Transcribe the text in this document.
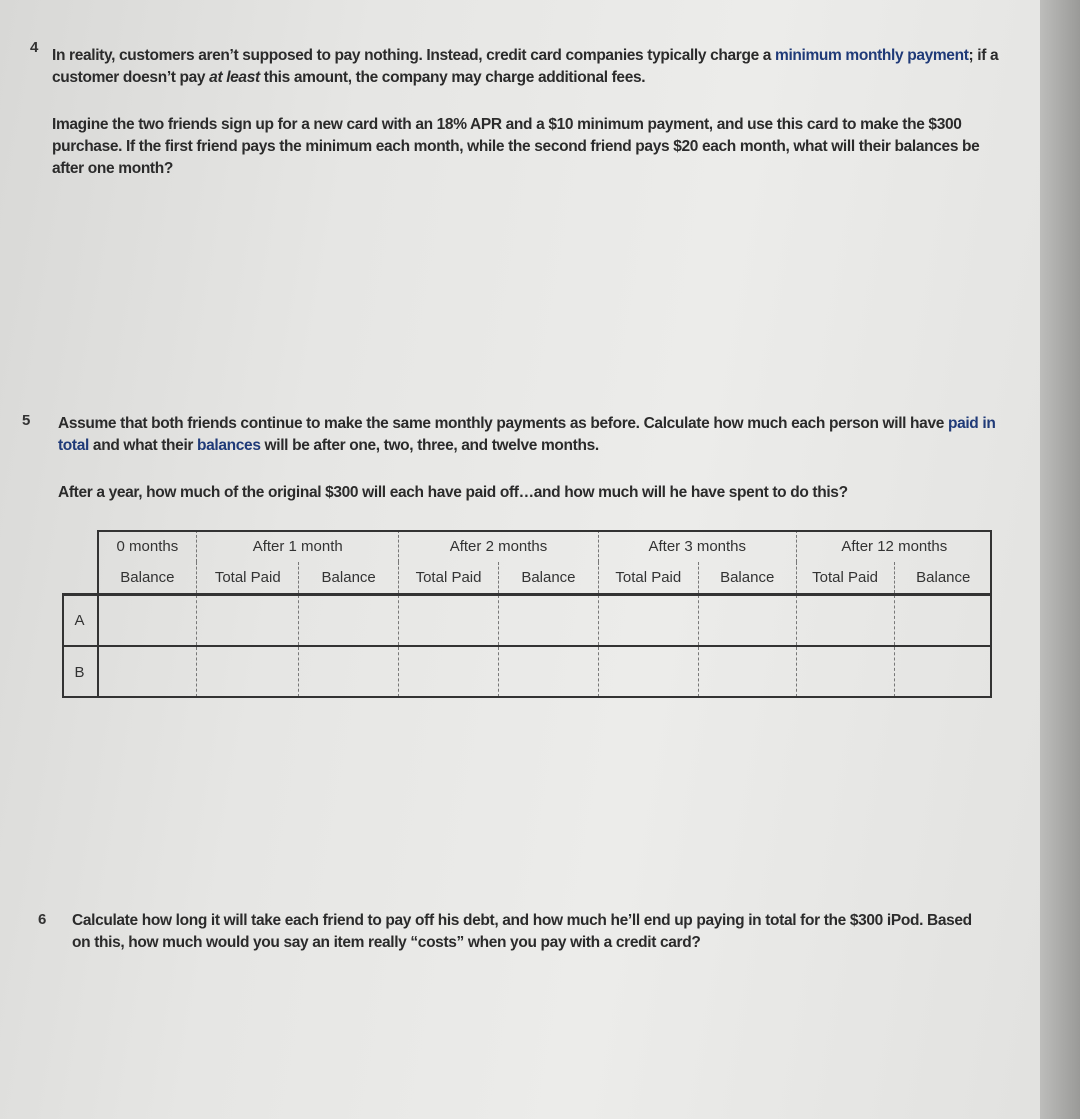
4 In reality, customers aren’t supposed to pay nothing. Instead, credit card companies typically charge a minimum monthly payment; if a customer doesn’t pay at least this amount, the company may charge additional fees.
Imagine the two friends sign up for a new card with an 18% APR and a $10 minimum payment, and use this card to make the $300 purchase. If the first friend pays the minimum each month, while the second friend pays $20 each month, what will their balances be after one month?
5 Assume that both friends continue to make the same monthly payments as before. Calculate how much each person will have paid in total and what their balances will be after one, two, three, and twelve months.
After a year, how much of the original $300 will each have paid off…and how much will he have spent to do this?
	0 months	After 1 month		After 2 months		After 3 months		After 12 months	
	Balance	Total Paid	Balance	Total Paid	Balance	Total Paid	Balance	Total Paid	Balance
A									
B									
6 Calculate how long it will take each friend to pay off his debt, and how much he’ll end up paying in total for the $300 iPod. Based on this, how much would you say an item really “costs” when you pay with a credit card?
